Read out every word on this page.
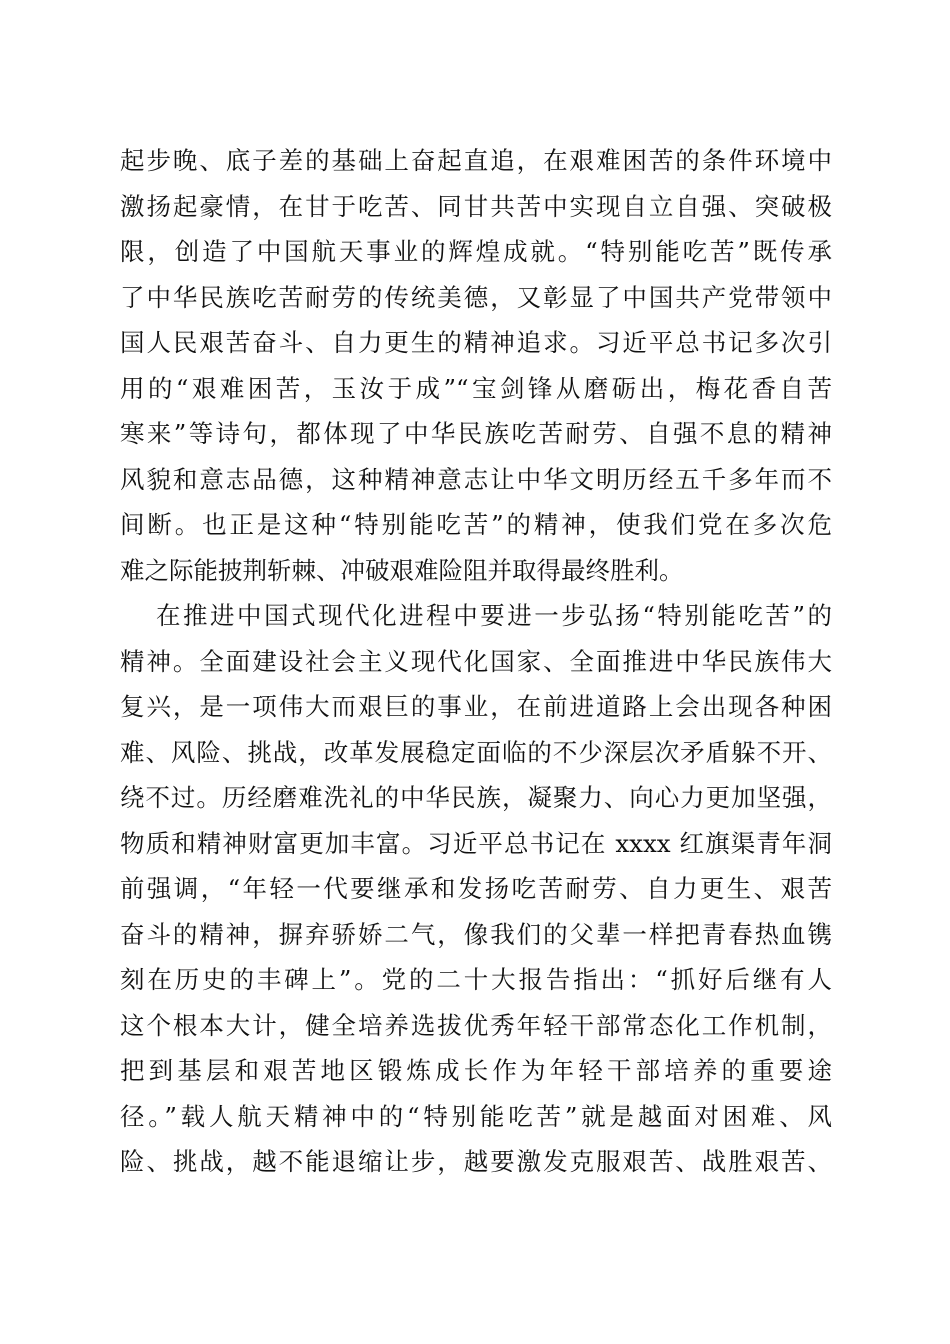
起步晚、底子差的基础上奋起直追，在艰难困苦的条件环境中
激扬起豪情，在甘于吃苦、同甘共苦中实现自立自强、突破极
限，创造了中国航天事业的辉煌成就。“特别能吃苦”既传承
了中华民族吃苦耐劳的传统美德，又彰显了中国共产党带领中
国人民艰苦奋斗、自力更生的精神追求。习近平总书记多次引
用的“艰难困苦，玉汝于成”“宝剑锋从磨砺出，梅花香自苦
寒来”等诗句，都体现了中华民族吃苦耐劳、自强不息的精神
风貌和意志品德，这种精神意志让中华文明历经五千多年而不
间断。也正是这种“特别能吃苦”的精神，使我们党在多次危
难之际能披荆斩棘、冲破艰难险阻并取得最终胜利。
在推进中国式现代化进程中要进一步弘扬“特别能吃苦”的
精神。全面建设社会主义现代化国家、全面推进中华民族伟大
复兴，是一项伟大而艰巨的事业，在前进道路上会出现各种困
难、风险、挑战，改革发展稳定面临的不少深层次矛盾躲不开、
绕不过。历经磨难洗礼的中华民族，凝聚力、向心力更加坚强，
物质和精神财富更加丰富。习近平总书记在 xxxx 红旗渠青年洞
前强调，“年轻一代要继承和发扬吃苦耐劳、自力更生、艰苦
奋斗的精神，摒弃骄娇二气，像我们的父辈一样把青春热血镌
刻在历史的丰碑上”。党的二十大报告指出：“抓好后继有人
这个根本大计，健全培养选拔优秀年轻干部常态化工作机制，
把到基层和艰苦地区锻炼成长作为年轻干部培养的重要途
径。”载人航天精神中的“特别能吃苦”就是越面对困难、风
险、挑战，越不能退缩让步，越要激发克服艰苦、战胜艰苦、
